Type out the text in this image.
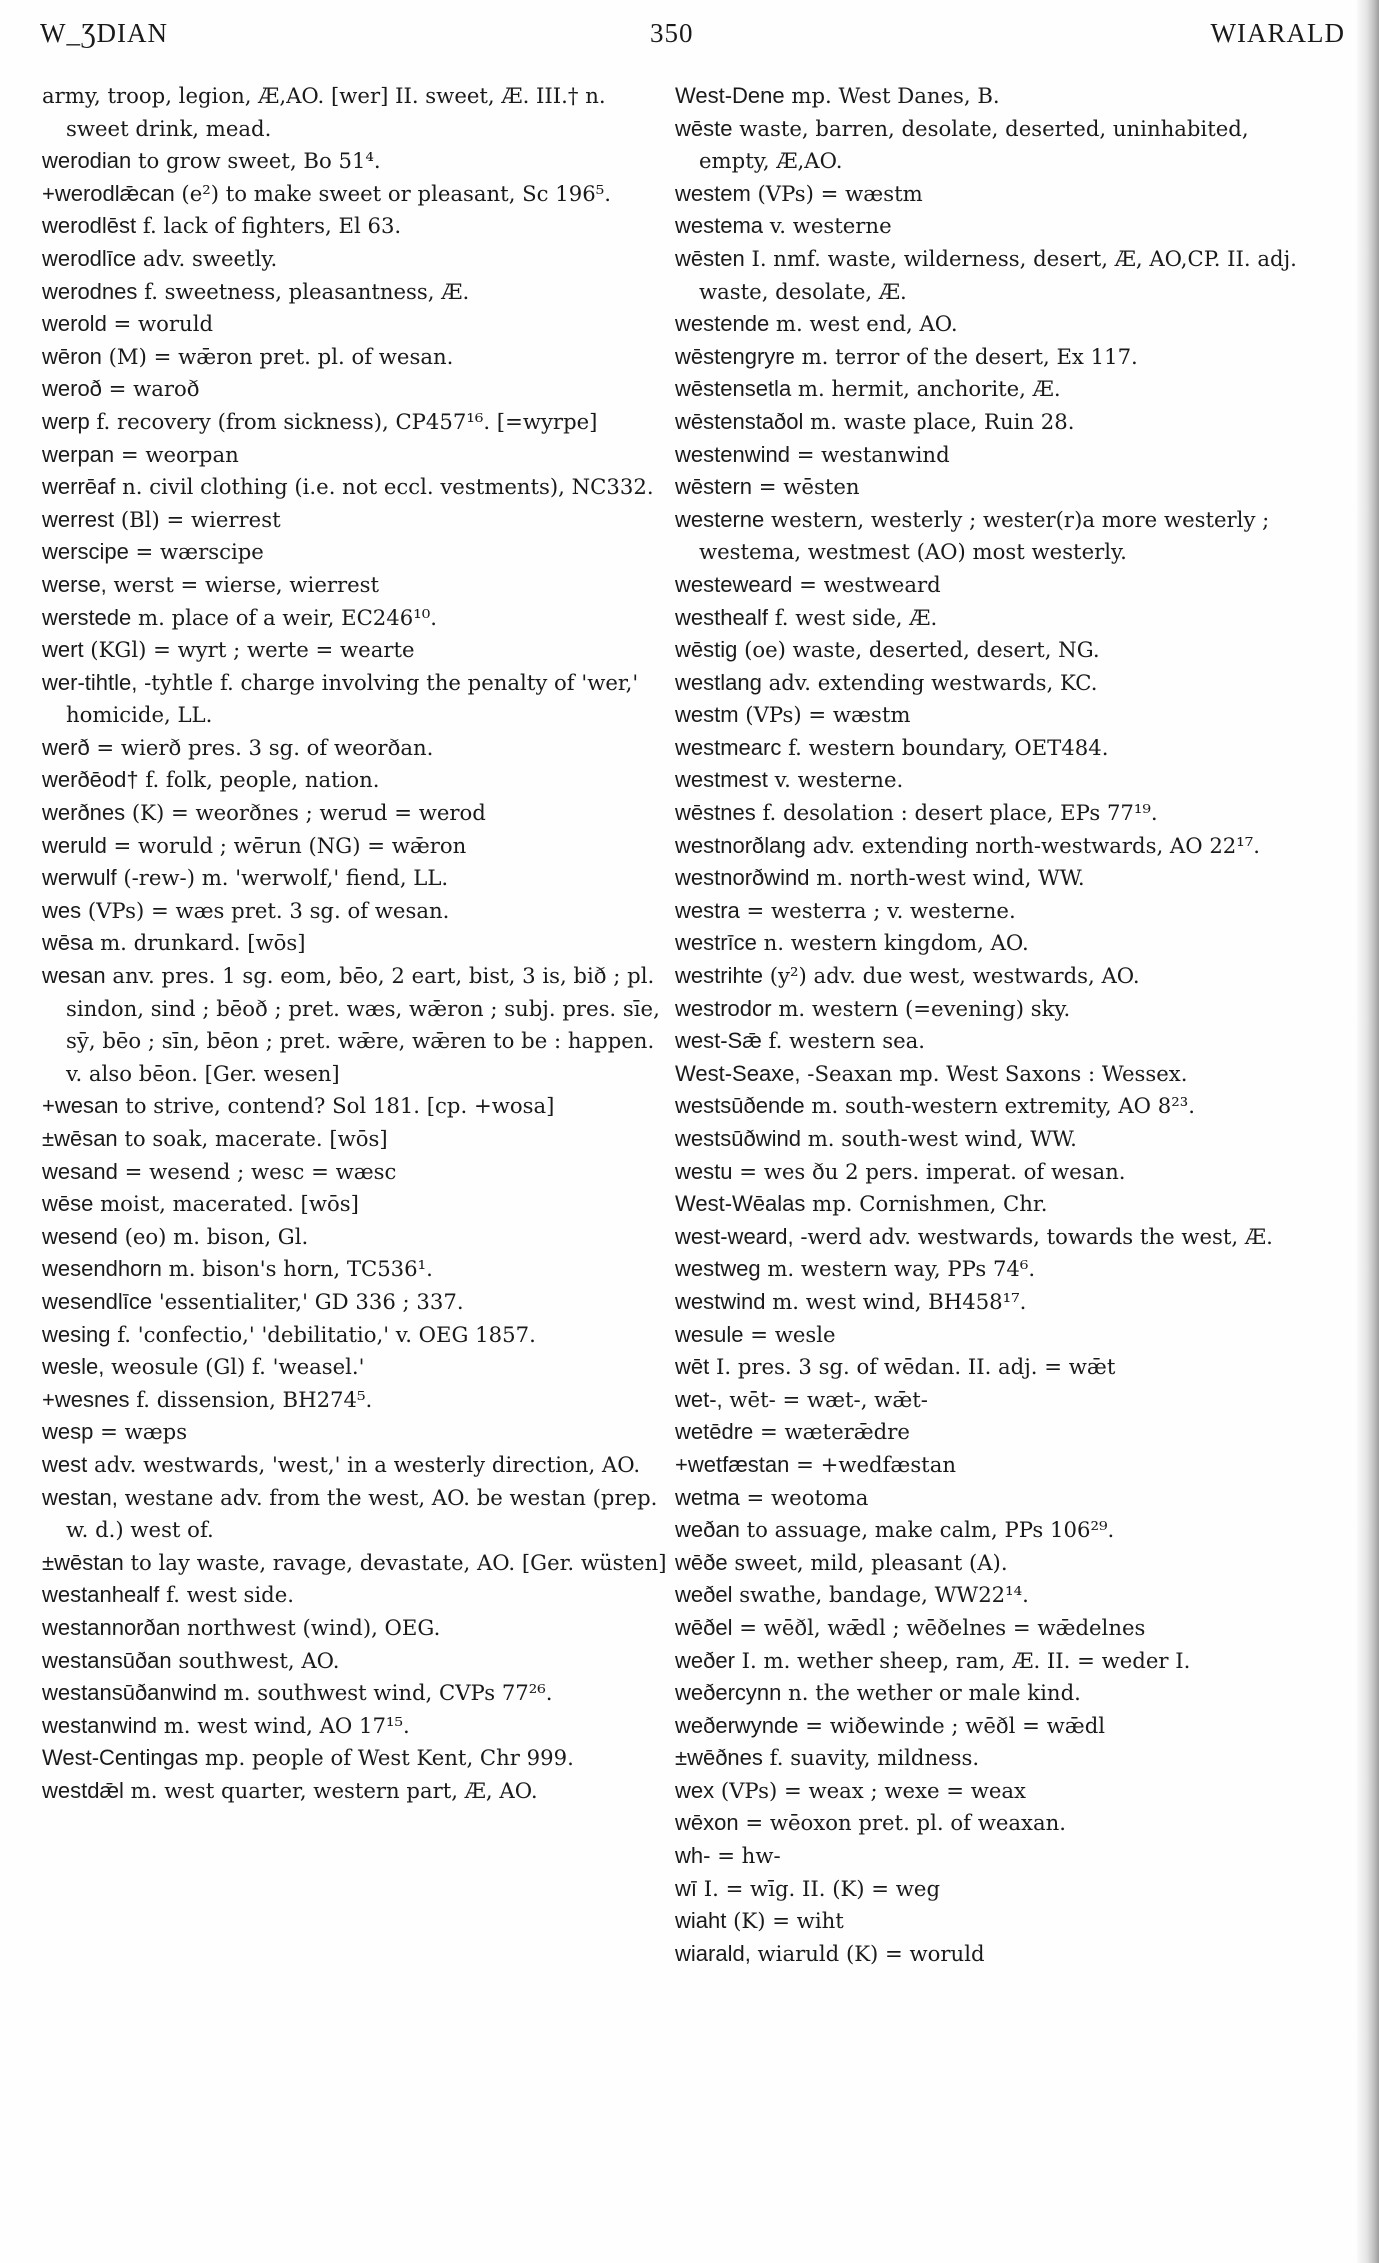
W_ƷDIAN	350	WIARALD
army, troop, legion, Æ,AO. [wer] II. sweet, Æ. III.† n. sweet drink, mead.
werodian to grow sweet, Bo 51⁴.
+werodlǣcan (e²) to make sweet or pleasant, Sc 196⁵.
werodlēst f. lack of fighters, El 63.
werodlīce adv. sweetly.
werodnes f. sweetness, pleasantness, Æ.
werold = woruld
wēron (M) = wǣron pret. pl. of wesan.
weroð = waroð
werp f. recovery (from sickness), CP457¹⁶. [=wyrpe]
werpan = weorpan
werrēaf n. civil clothing (i.e. not eccl. vestments), NC332.
werrest (Bl) = wierrest
werscipe = wærscipe
werse, werst = wierse, wierrest
werstede m. place of a weir, EC246¹⁰.
wert (KGl) = wyrt ; werte = wearte
wer-tihtle, -tyhtle f. charge involving the penalty of 'wer,' homicide, LL.
werð = wierð pres. 3 sg. of weorðan.
werðēod† f. folk, people, nation.
werðnes (K) = weorðnes ; werud = werod
weruld = woruld ; wērun (NG) = wǣron
werwulf (-rew-) m. 'werwolf,' fiend, LL.
wes (VPs) = wæs pret. 3 sg. of wesan.
wēsa m. drunkard. [wōs]
wesan anv. pres. 1 sg. eom, bēo, 2 eart, bist, 3 is, bið ; pl. sindon, sind ; bēoð ; pret. wæs, wǣron ; subj. pres. sīe, sȳ, bēo ; sīn, bēon ; pret. wǣre, wǣren to be : happen. v. also bēon. [Ger. wesen]
+wesan to strive, contend? Sol 181. [cp. +wosa]
±wēsan to soak, macerate. [wōs]
wesand = wesend ; wesc = wæsc
wēse moist, macerated. [wōs]
wesend (eo) m. bison, Gl.
wesendhorn m. bison's horn, TC536¹.
wesendlīce 'essentialiter,' GD 336 ; 337.
wesing f. 'confectio,' 'debilitatio,' v. OEG 1857.
wesle, weosule (Gl) f. 'weasel.'
+wesnes f. dissension, BH274⁵.
wesp = wæps
west adv. westwards, 'west,' in a westerly direction, AO.
westan, westane adv. from the west, AO. be westan (prep. w. d.) west of.
±wēstan to lay waste, ravage, devastate, AO. [Ger. wüsten]
westanhealf f. west side.
westannorðan northwest (wind), OEG.
westansūðan southwest, AO.
westansūðanwind m. southwest wind, CVPs 77²⁶.
westanwind m. west wind, AO 17¹⁵.
West-Centingas mp. people of West Kent, Chr 999.
westdǣl m. west quarter, western part, Æ, AO.
West-Dene mp. West Danes, B.
wēste waste, barren, desolate, deserted, uninhabited, empty, Æ,AO.
westem (VPs) = wæstm
westema v. westerne
wēsten I. nmf. waste, wilderness, desert, Æ, AO,CP. II. adj. waste, desolate, Æ.
westende m. west end, AO.
wēstengryre m. terror of the desert, Ex 117.
wēstensetla m. hermit, anchorite, Æ.
wēstenstaðol m. waste place, Ruin 28.
westenwind = westanwind
wēstern = wēsten
westerne western, westerly ; wester(r)a more westerly ; westema, westmest (AO) most westerly.
westeweard = westweard
westhealf f. west side, Æ.
wēstig (oe) waste, deserted, desert, NG.
westlang adv. extending westwards, KC.
westm (VPs) = wæstm
westmearc f. western boundary, OET484.
westmest v. westerne.
wēstnes f. desolation : desert place, EPs 77¹⁹.
westnorðlang adv. extending north-westwards, AO 22¹⁷.
westnorðwind m. north-west wind, WW.
westra = westerra ; v. westerne.
westrīce n. western kingdom, AO.
westrihte (y²) adv. due west, westwards, AO.
westrodor m. western (=evening) sky.
west-Sǣ f. western sea.
West-Seaxe, -Seaxan mp. West Saxons : Wessex.
westsūðende m. south-western extremity, AO 8²³.
westsūðwind m. south-west wind, WW.
westu = wes ðu 2 pers. imperat. of wesan.
West-Wēalas mp. Cornishmen, Chr.
west-weard, -werd adv. westwards, towards the west, Æ.
westweg m. western way, PPs 74⁶.
westwind m. west wind, BH458¹⁷.
wesule = wesle
wēt I. pres. 3 sg. of wēdan. II. adj. = wǣt
wet-, wēt- = wæt-, wǣt-
wetēdre = wæterǣdre
+wetfæstan = +wedfæstan
wetma = weotoma
weðan to assuage, make calm, PPs 106²⁹.
wēðe sweet, mild, pleasant (A).
weðel swathe, bandage, WW22¹⁴.
wēðel = wēðl, wǣdl ; wēðelnes = wǣdelnes
weðer I. m. wether sheep, ram, Æ. II. = weder I.
weðercynn n. the wether or male kind.
weðerwynde = wiðewinde ; wēðl = wǣdl
±wēðnes f. suavity, mildness.
wex (VPs) = weax ; wexe = weax
wēxon = wēoxon pret. pl. of weaxan.
wh- = hw-
wī I. = wīg. II. (K) = weg
wiaht (K) = wiht
wiarald, wiaruld (K) = woruld
